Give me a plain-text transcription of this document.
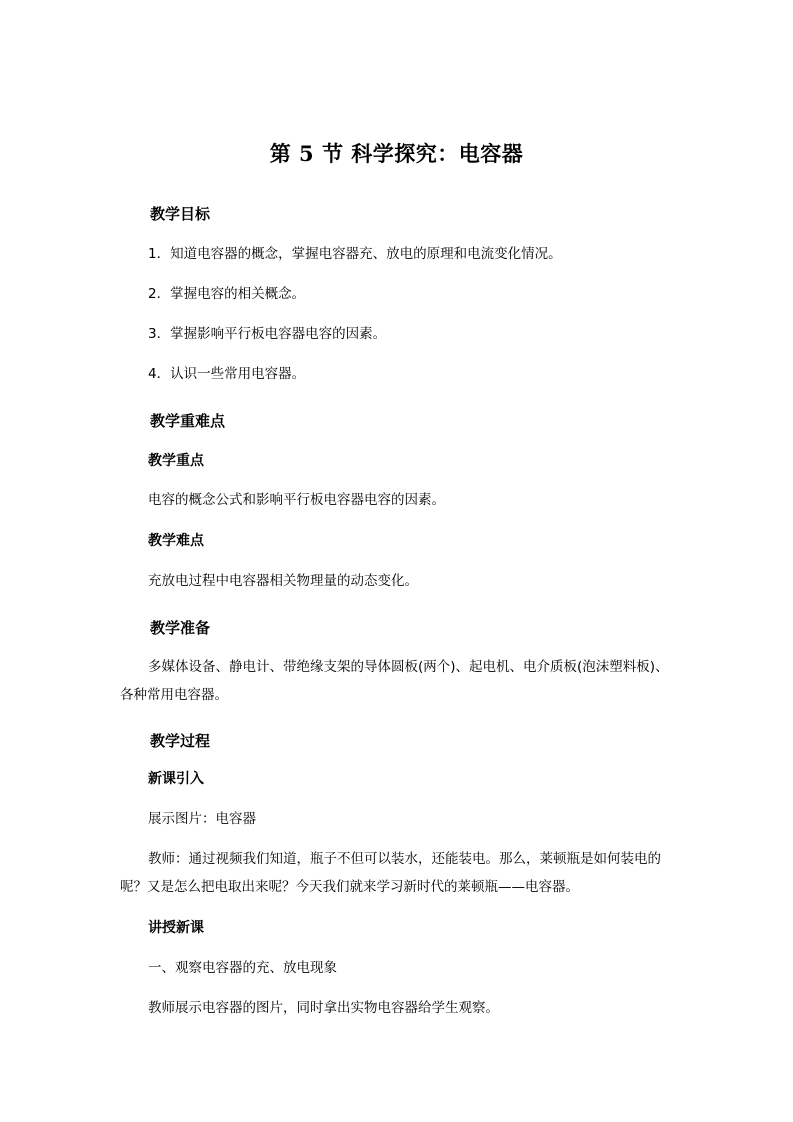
第 5 节 科学探究：电容器
教学目标
1．知道电容器的概念，掌握电容器充、放电的原理和电流变化情况。
2．掌握电容的相关概念。
3．掌握影响平行板电容器电容的因素。
4．认识一些常用电容器。
教学重难点
教学重点
电容的概念公式和影响平行板电容器电容的因素。
教学难点
充放电过程中电容器相关物理量的动态变化。
教学准备
多媒体设备、静电计、带绝缘支架的导体圆板(两个)、起电机、电介质板(泡沫塑料板)、
各种常用电容器。
教学过程
新课引入
展示图片：电容器
教师：通过视频我们知道，瓶子不但可以装水，还能装电。那么，莱顿瓶是如何装电的
呢？又是怎么把电取出来呢？今天我们就来学习新时代的莱顿瓶——电容器。
讲授新课
一、观察电容器的充、放电现象
教师展示电容器的图片，同时拿出实物电容器给学生观察。
